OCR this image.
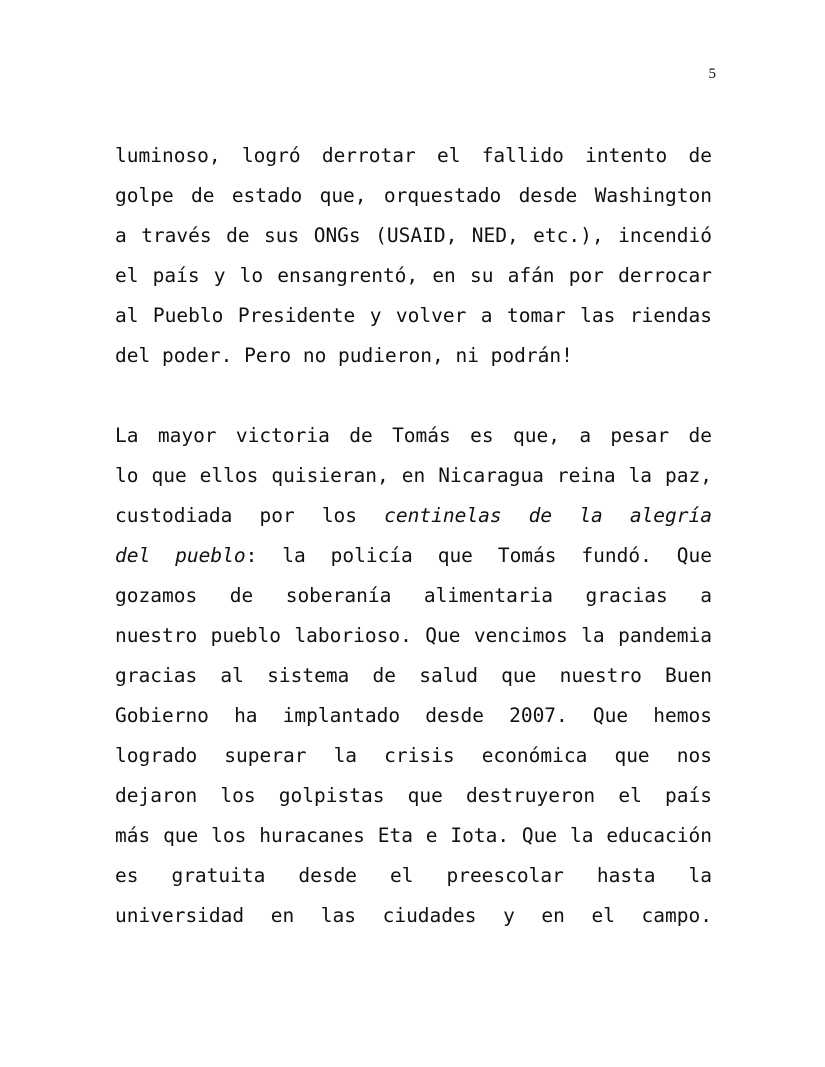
5
luminoso, logró derrotar el fallido intento de
golpe de estado que, orquestado desde Washington
a través de sus ONGs (USAID, NED, etc.), incendió
el país y lo ensangrentó, en su afán por derrocar
al Pueblo Presidente y volver a tomar las riendas
del poder. Pero no pudieron, ni podrán!
La mayor victoria de Tomás es que, a pesar de
lo que ellos quisieran, en Nicaragua reina la paz,
custodiada por los centinelas de la alegría
del pueblo: la policía que Tomás fundó. Que
gozamos de soberanía alimentaria gracias a
nuestro pueblo laborioso. Que vencimos la pandemia
gracias al sistema de salud que nuestro Buen
Gobierno ha implantado desde 2007. Que hemos
logrado superar la crisis económica que nos
dejaron los golpistas que destruyeron el país
más que los huracanes Eta e Iota. Que la educación
es gratuita desde el preescolar hasta la
universidad en las ciudades y en el campo.
